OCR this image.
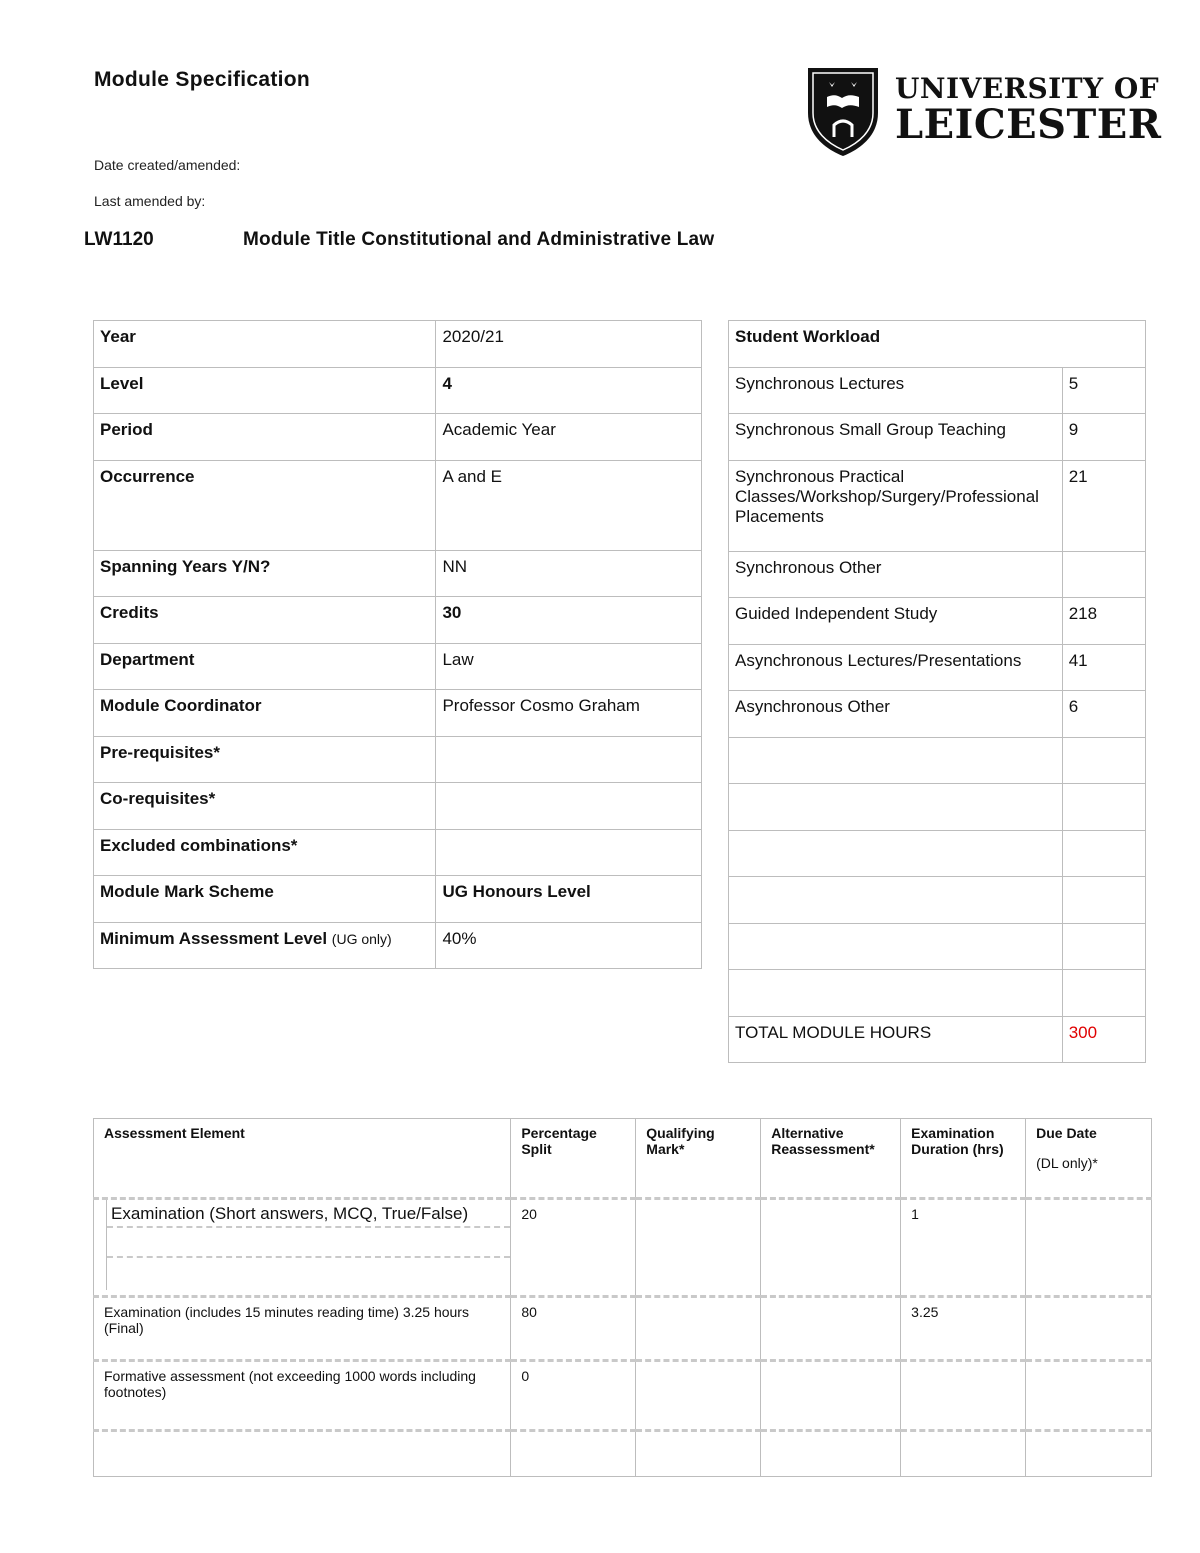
Module Specification
Date created/amended:
Last amended by:
LW1120	Module Title Constitutional and Administrative Law
UNIVERSITY OF
LEICESTER
Year	2020/21
Level	4
Period	Academic Year
Occurrence	A and E
Spanning Years Y/N?	NN
Credits	30
Department	Law
Module Coordinator	Professor Cosmo Graham
Pre-requisites*	
Co-requisites*	
Excluded combinations*	
Module Mark Scheme	UG Honours Level
Minimum Assessment Level (UG only)	40%
Student Workload	
Synchronous Lectures	5
Synchronous Small Group Teaching	9
Synchronous Practical Classes/Workshop/Surgery/Professional Placements	21
Synchronous Other	
Guided Independent Study	218
Asynchronous Lectures/Presentations	41
Asynchronous Other	6

TOTAL MODULE HOURS	300
Assessment Element	Percentage Split	Qualifying Mark*	Alternative Reassessment*	Examination Duration (hrs)	Due Date
(DL only)*

Examination (Short answers, MCQ, True/False)	20			1	
Examination (includes 15 minutes reading time) 3.25 hours (Final)	80			3.25	
Formative assessment (not exceeding 1000 words including footnotes)	0				
